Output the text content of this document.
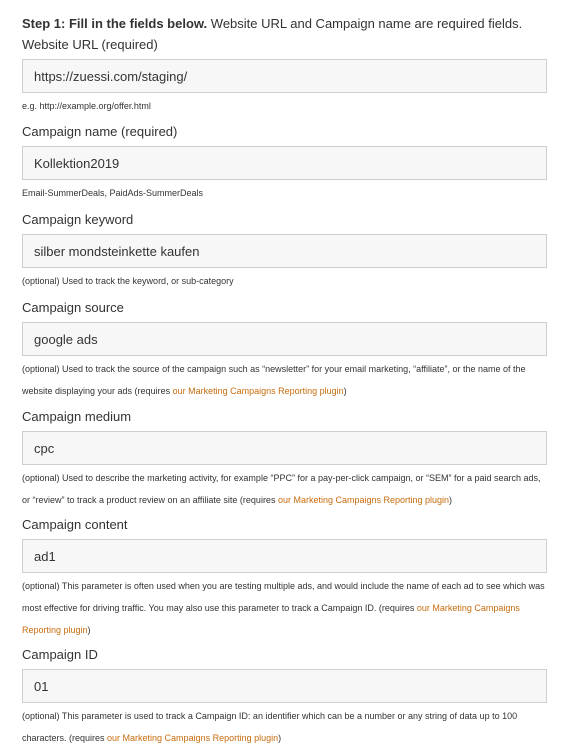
Step 1: Fill in the fields below. Website URL and Campaign name are required fields.
Website URL (required)
https://zuessi.com/staging/
e.g. http://example.org/offer.html
Campaign name (required)
Kollektion2019
Email-SummerDeals, PaidAds-SummerDeals
Campaign keyword
silber mondsteinkette kaufen
(optional) Used to track the keyword, or sub-category
Campaign source
google ads
(optional) Used to track the source of the campaign such as “newsletter” for your email marketing, “affiliate”, or the name of the
website displaying your ads (requires our Marketing Campaigns Reporting plugin)
Campaign medium
cpc
(optional) Used to describe the marketing activity, for example “PPC” for a pay-per-click campaign, or “SEM” for a paid search ads,
or “review” to track a product review on an affiliate site (requires our Marketing Campaigns Reporting plugin)
Campaign content
ad1
(optional) This parameter is often used when you are testing multiple ads, and would include the name of each ad to see which was
most effective for driving traffic. You may also use this parameter to track a Campaign ID. (requires our Marketing Campaigns
Reporting plugin)
Campaign ID
01
(optional) This parameter is used to track a Campaign ID: an identifier which can be a number or any string of data up to 100
characters. (requires our Marketing Campaigns Reporting plugin)
